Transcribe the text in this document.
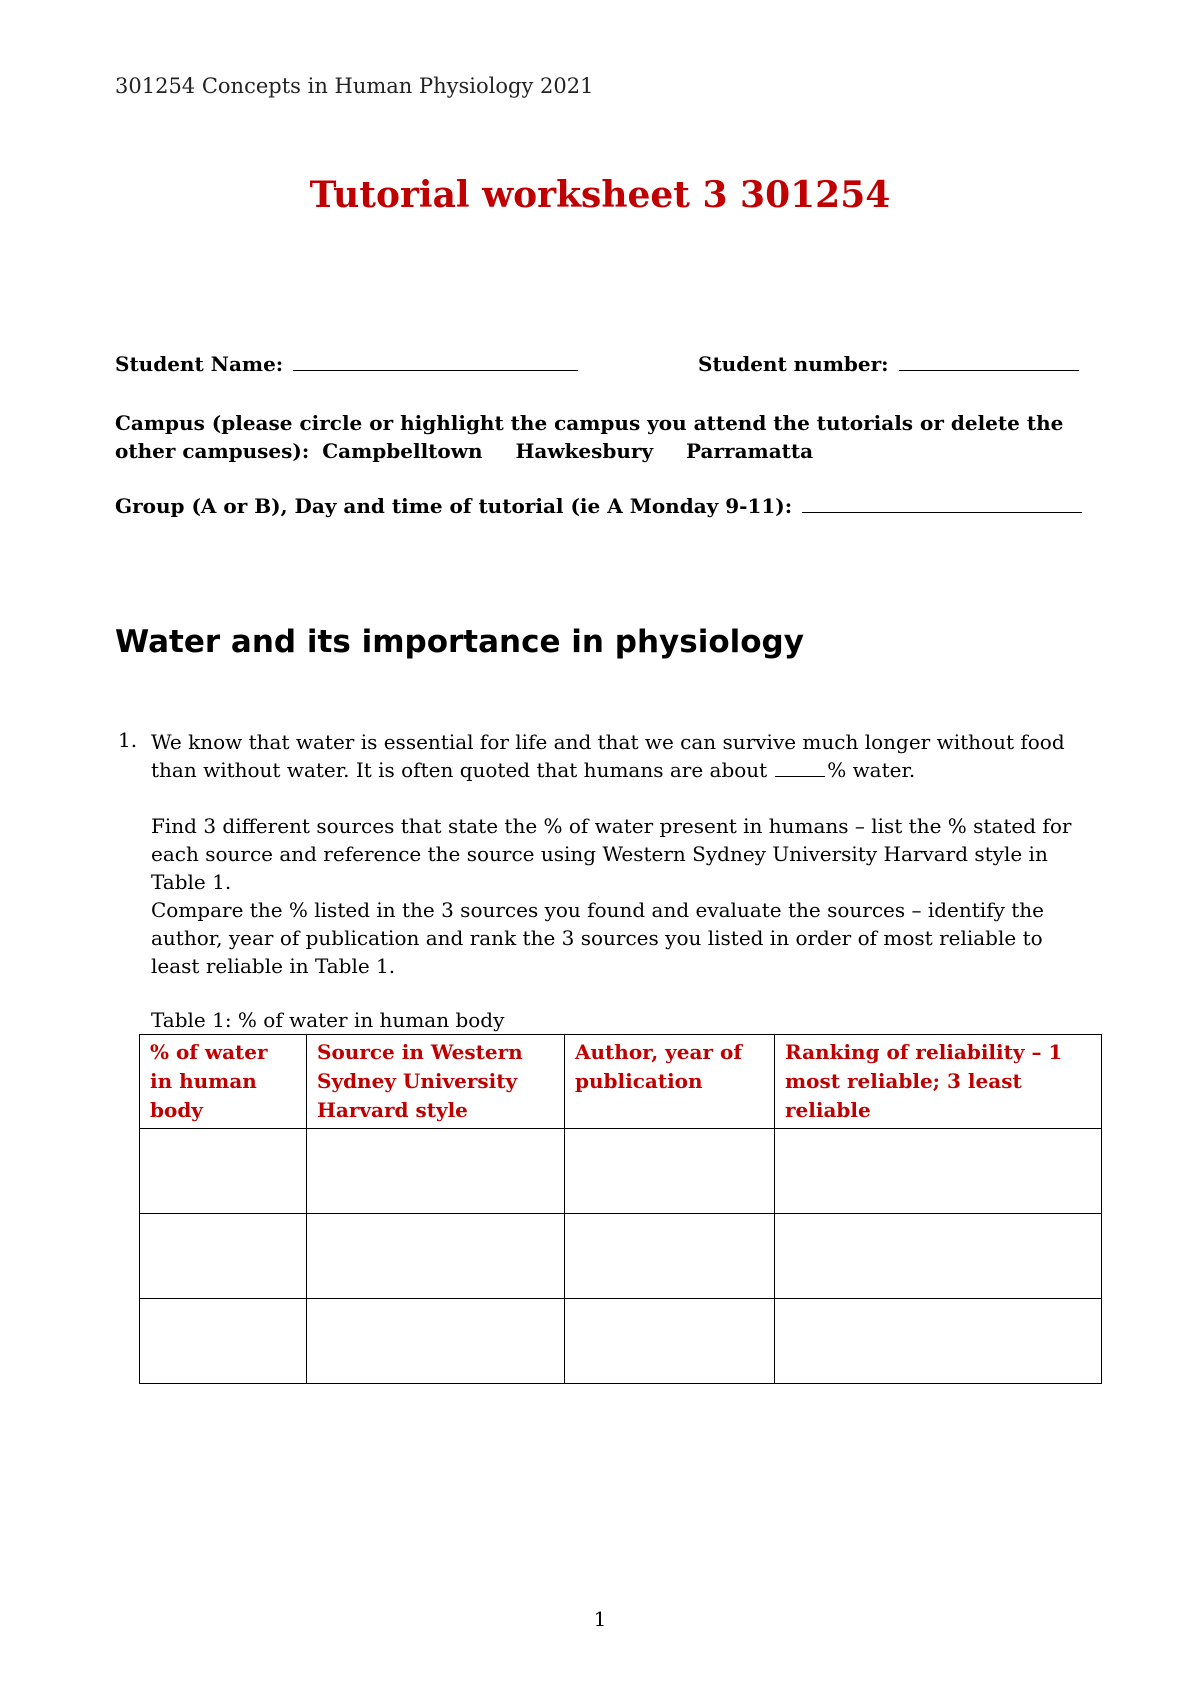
301254 Concepts in Human Physiology 2021
Tutorial worksheet 3 301254
Student Name:	Student number:
Campus (please circle or highlight the campus you attend the tutorials or delete the other campuses): Campbelltown Hawkesbury Parramatta
Group (A or B), Day and time of tutorial (ie A Monday 9-11):
Water and its importance in physiology
1. We know that water is essential for life and that we can survive much longer without food than without water. It is often quoted that humans are about	% water.
Find 3 different sources that state the % of water present in humans – list the % stated for each source and reference the source using Western Sydney University Harvard style in Table 1.
Compare the % listed in the 3 sources you found and evaluate the sources – identify the author, year of publication and rank the 3 sources you listed in order of most reliable to least reliable in Table 1.
Table 1: % of water in human body
% of water in human body	Source in Western Sydney University Harvard style	Author, year of publication	Ranking of reliability – 1 most reliable; 3 least reliable

1
